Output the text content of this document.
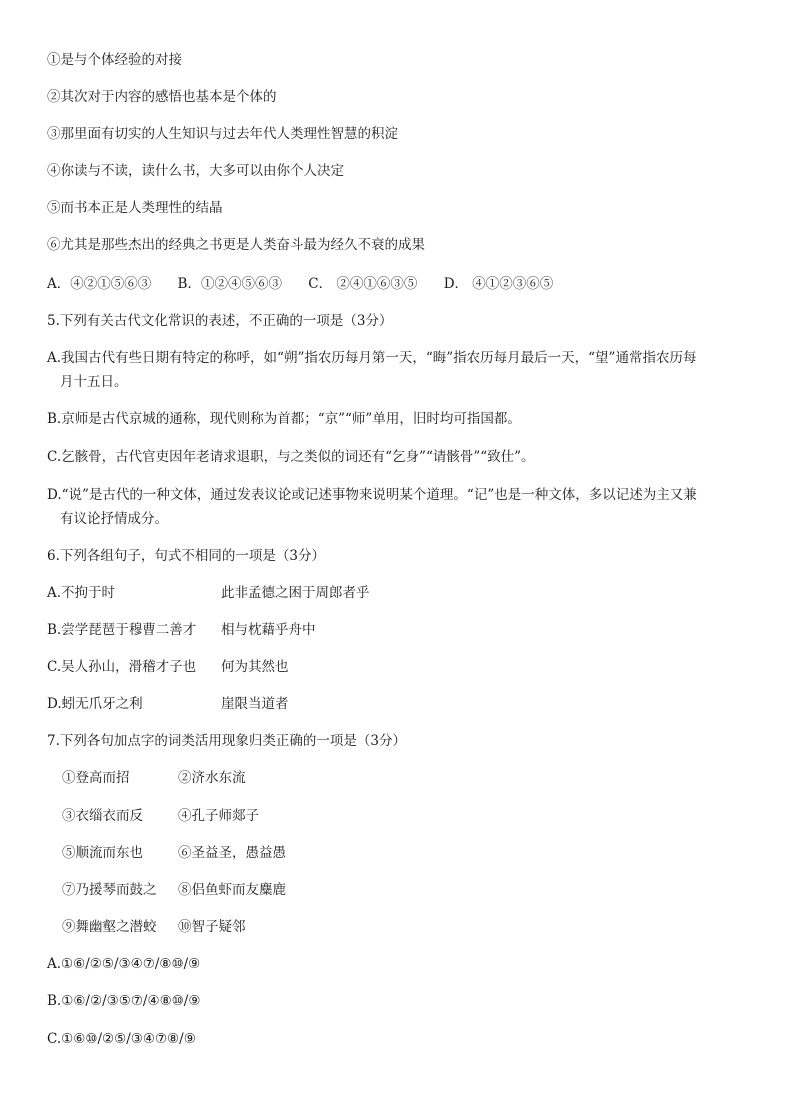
①是与个体经验的对接
②其次对于内容的感悟也基本是个体的
③那里面有切实的人生知识与过去年代人类理性智慧的积淀
④你读与不读，读什么书，大多可以由你个人决定
⑤而书本正是人类理性的结晶
⑥尤其是那些杰出的经典之书更是人类奋斗最为经久不衰的成果
A．④②①⑤⑥③ B．①②④⑤⑥③ C． ②④①⑥③⑤ D． ④①②③⑥⑤
5.下列有关古代文化常识的表述，不正确的一项是（3分）
A.我国古代有些日期有特定的称呼，如“朔”指农历每月第一天，“晦”指农历每月最后一天，“望”通常指农历每
月十五日。
B.京师是古代京城的通称，现代则称为首都；“京”“师”单用，旧时均可指国都。
C.乞骸骨，古代官吏因年老请求退职，与之类似的词还有“乞身”“请骸骨”“致仕”。
D.“说”是古代的一种文体，通过发表议论或记述事物来说明某个道理。“记”也是一种文体，多以记述为主又兼
有议论抒情成分。
6.下列各组句子，句式不相同的一项是（3分）
A.不拘于时	此非孟德之困于周郎者乎
B.尝学琵琶于穆曹二善才 相与枕藉乎舟中
C.吴人孙山，滑稽才子也 何为其然也
D.蚓无爪牙之利	崖限当道者
7.下列各句加点字的词类活用现象归类正确的一项是（3分）
①登高而招	②济水东流
③衣缁衣而反	④孔子师郯子
⑤顺流而东也	⑥圣益圣，愚益愚
⑦乃援琴而鼓之 ⑧侣鱼虾而友麋鹿
⑨舞幽壑之潜蛟 ⑩智子疑邻
A.①⑥/②⑤/③④⑦/⑧⑩/⑨
B.①⑥/②/③⑤⑦/④⑧⑩/⑨
C.①⑥⑩/②⑤/③④⑦⑧/⑨
